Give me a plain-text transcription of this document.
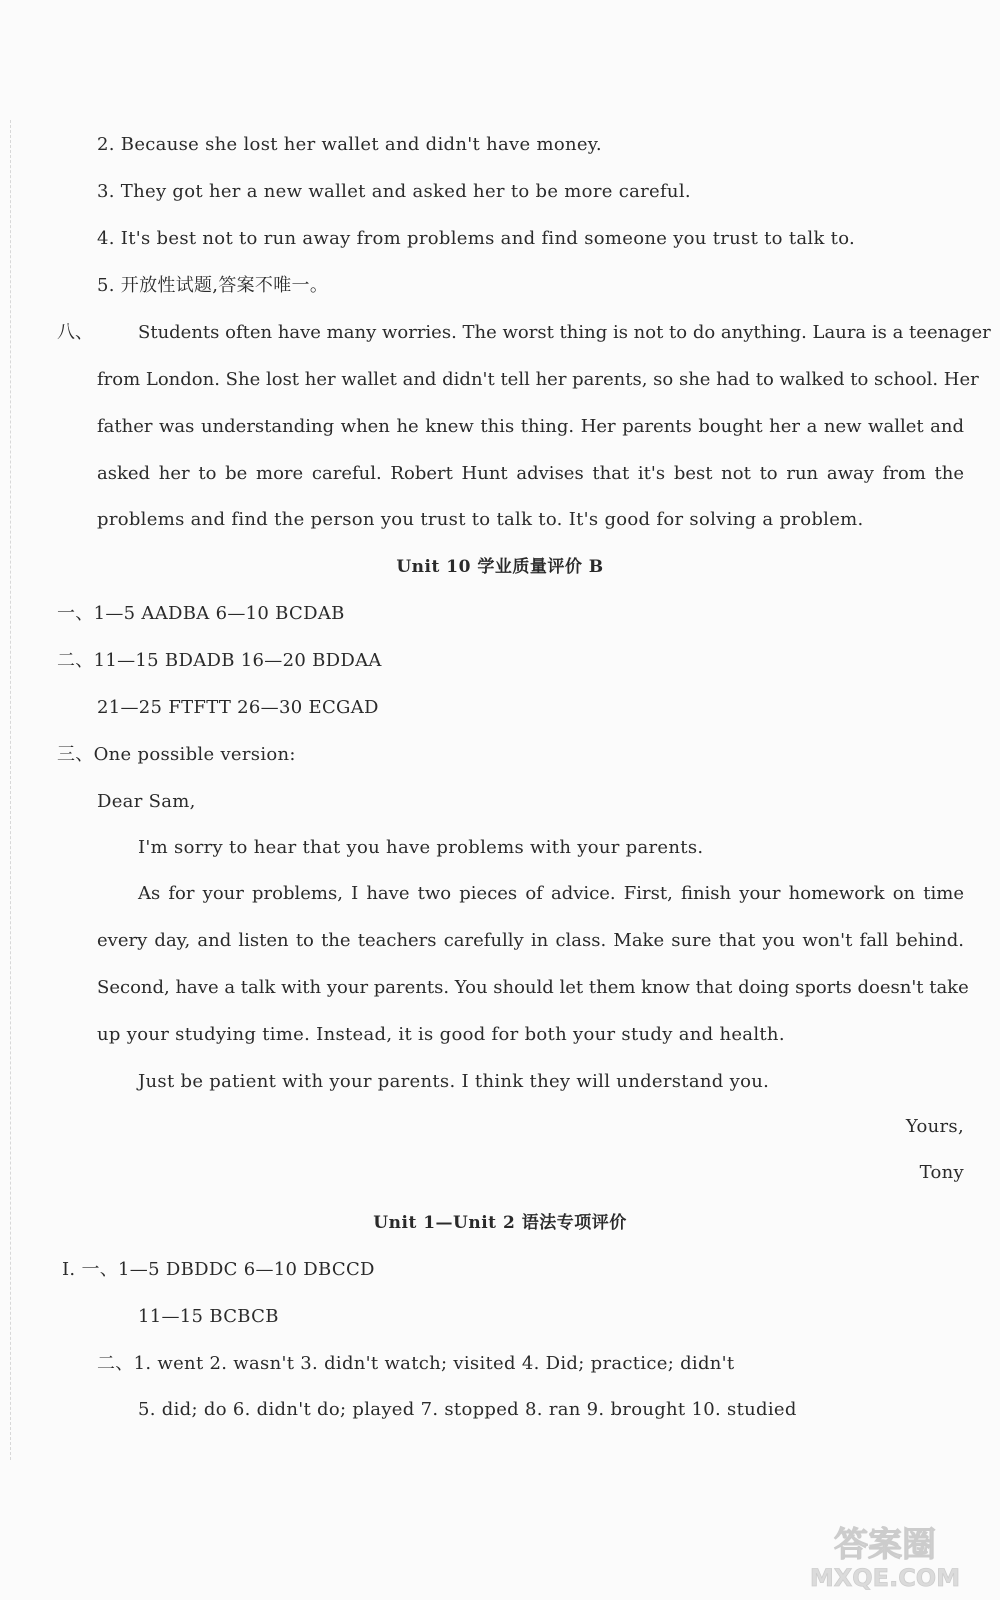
2. Because she lost her wallet and didn't have money.
3. They got her a new wallet and asked her to be more careful.
4. It's best not to run away from problems and find someone you trust to talk to.
5. 开放性试题,答案不唯一。
八、	Students often have many worries. The worst thing is not to do anything. Laura is a teenager
from London. She lost her wallet and didn't tell her parents, so she had to walked to school. Her
father was understanding when he knew this thing. Her parents bought her a new wallet and
asked her to be more careful. Robert Hunt advises that it's best not to run away from the
problems and find the person you trust to talk to. It's good for solving a problem.
Unit 10 学业质量评价 B
一、1—5 AADBA 6—10 BCDAB
二、11—15 BDADB 16—20 BDDAA
21—25 FTFTT 26—30 ECGAD
三、One possible version:
Dear Sam,
I'm sorry to hear that you have problems with your parents.
As for your problems, I have two pieces of advice. First, finish your homework on time
every day, and listen to the teachers carefully in class. Make sure that you won't fall behind.
Second, have a talk with your parents. You should let them know that doing sports doesn't take
up your studying time. Instead, it is good for both your study and health.
Just be patient with your parents. I think they will understand you.
Yours,
Tony
Unit 1—Unit 2 语法专项评价
Ⅰ. 一、1—5 DBDDC 6—10 DBCCD
11—15 BCBCB
二、1. went 2. wasn't 3. didn't watch; visited 4. Did; practice; didn't
5. did; do 6. didn't do; played 7. stopped 8. ran 9. brought 10. studied
答案圈
MXQE.COM
